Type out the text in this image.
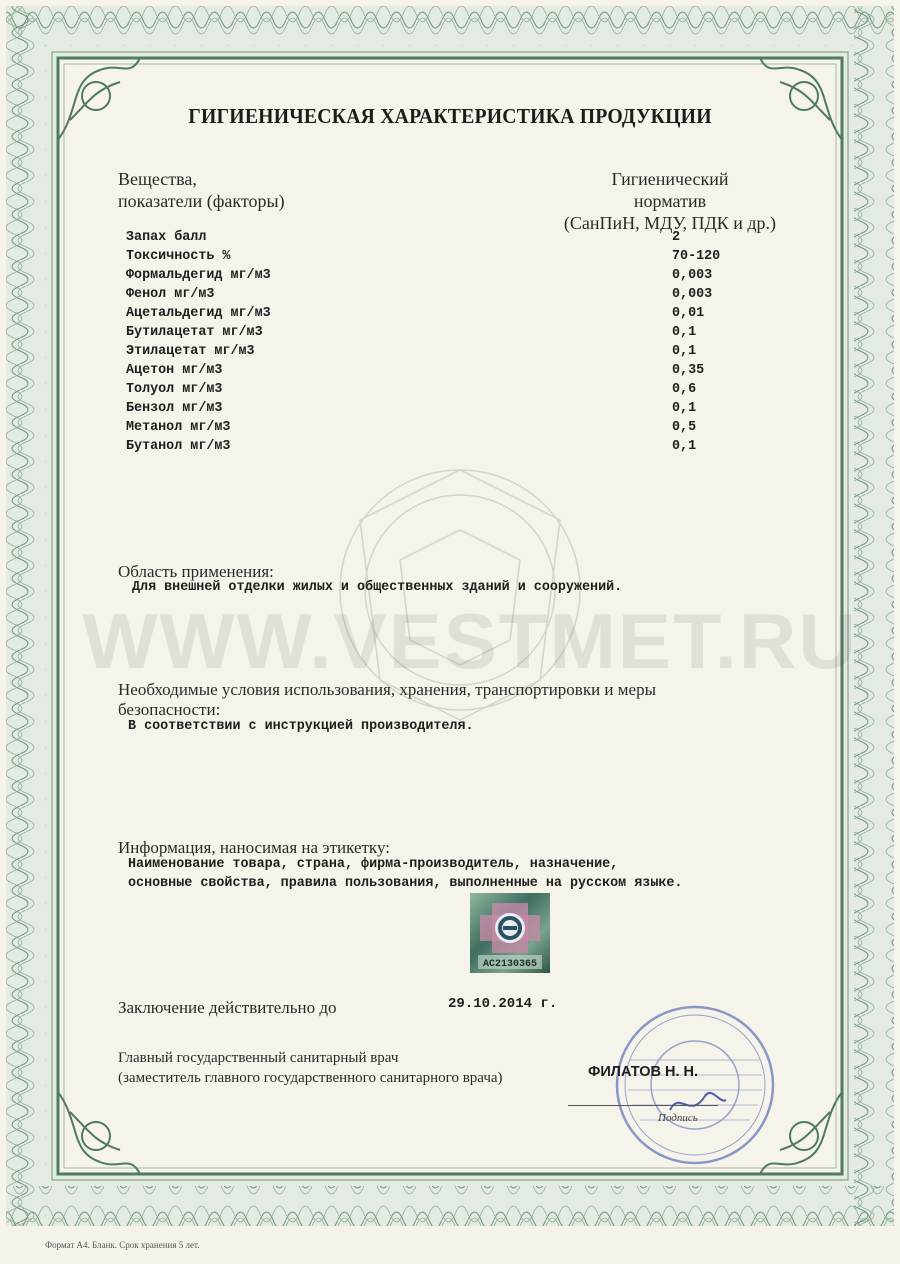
ГИГИЕНИЧЕСКАЯ ХАРАКТЕРИСТИКА ПРОДУКЦИИ
Вещества,
показатели (факторы)
Гигиенический
норматив
(СанПиН, МДУ, ПДК и др.)
Запах балл	2
Токсичность %	70-120
Формальдегид мг/м3	0,003
Фенол мг/м3	0,003
Ацетальдегид мг/м3	0,01
Бутилацетат мг/м3	0,1
Этилацетат мг/м3	0,1
Ацетон мг/м3	0,35
Толуол мг/м3	0,6
Бензол мг/м3	0,1
Метанол мг/м3	0,5
Бутанол мг/м3	0,1
WWW.VESTMET.RU
Область применения:
Для внешней отделки жилых и общественных зданий и сооружений.
Необходимые условия использования, хранения, транспортировки и меры
безопасности:
В соответствии с инструкцией производителя.
Информация, наносимая на этикетку:
Наименование товара, страна, фирма-производитель, назначение,
основные свойства, правила пользования, выполненные на русском языке.
AC2130365
Заключение действительно до	29.10.2014 г.
Главный государственный санитарный врач
(заместитель главного государственного санитарного врача)	ФИЛАТОВ Н. Н.
Подпись
Формат А4. Бланк. Срок хранения 5 лет.
